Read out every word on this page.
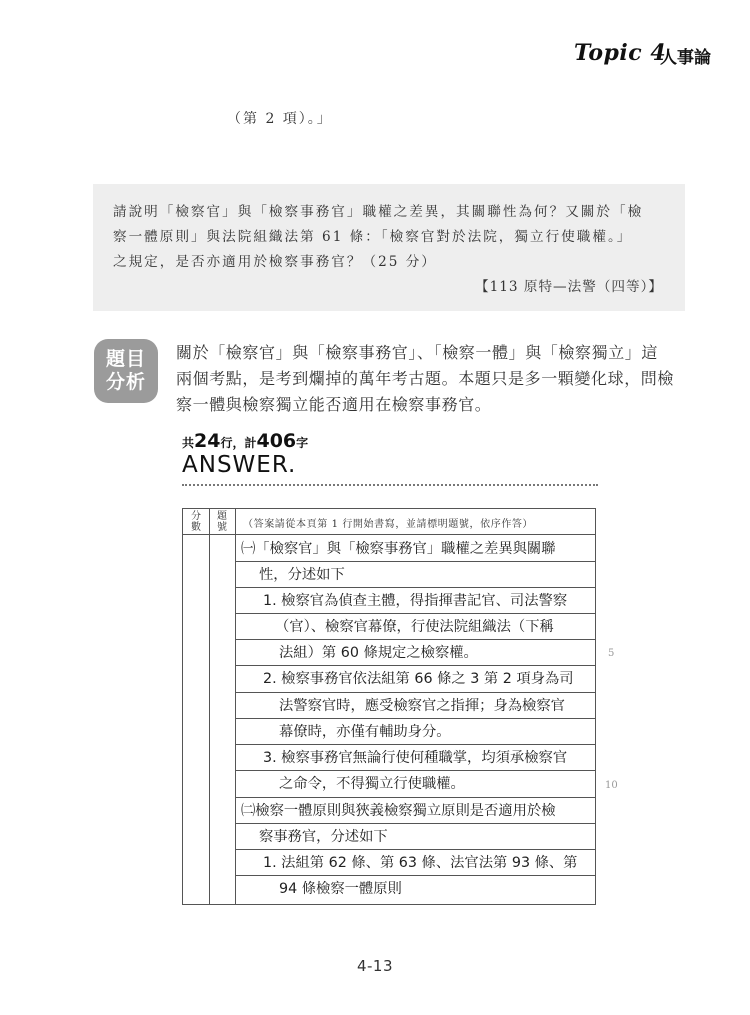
Topic 4
人事論
（第 2 項）。」
請說明「檢察官」與「檢察事務官」職權之差異，其關聯性為何？又關於「檢
察一體原則」與法院組織法第 61 條：「檢察官對於法院，獨立行使職權。」
之規定，是否亦適用於檢察事務官？（25 分）
【113 原特—法警（四等）】
題目
分析
關於「檢察官」與「檢察事務官」、「檢察一體」與「檢察獨立」這
兩個考點，是考到爛掉的萬年考古題。本題只是多一顆變化球，問檢
察一體與檢察獨立能否適用在檢察事務官。
共24行，計406字
ANSWER.
分數
題號 （答案請從本頁第 1 行開始書寫，並請標明題號，依序作答）
㈠「檢察官」與「檢察事務官」職權之差異與關聯
性，分述如下
1. 檢察官為偵查主體，得指揮書記官、司法警察
（官）、檢察官幕僚，行使法院組織法（下稱
法組）第 60 條規定之檢察權。
2. 檢察事務官依法組第 66 條之 3 第 2 項身為司
法警察官時，應受檢察官之指揮；身為檢察官
幕僚時，亦僅有輔助身分。
3. 檢察事務官無論行使何種職掌，均須承檢察官
之命令，不得獨立行使職權。
㈡檢察一體原則與狹義檢察獨立原則是否適用於檢
察事務官，分述如下
1. 法組第 62 條、第 63 條、法官法第 93 條、第
94 條檢察一體原則
5
10
4-13
